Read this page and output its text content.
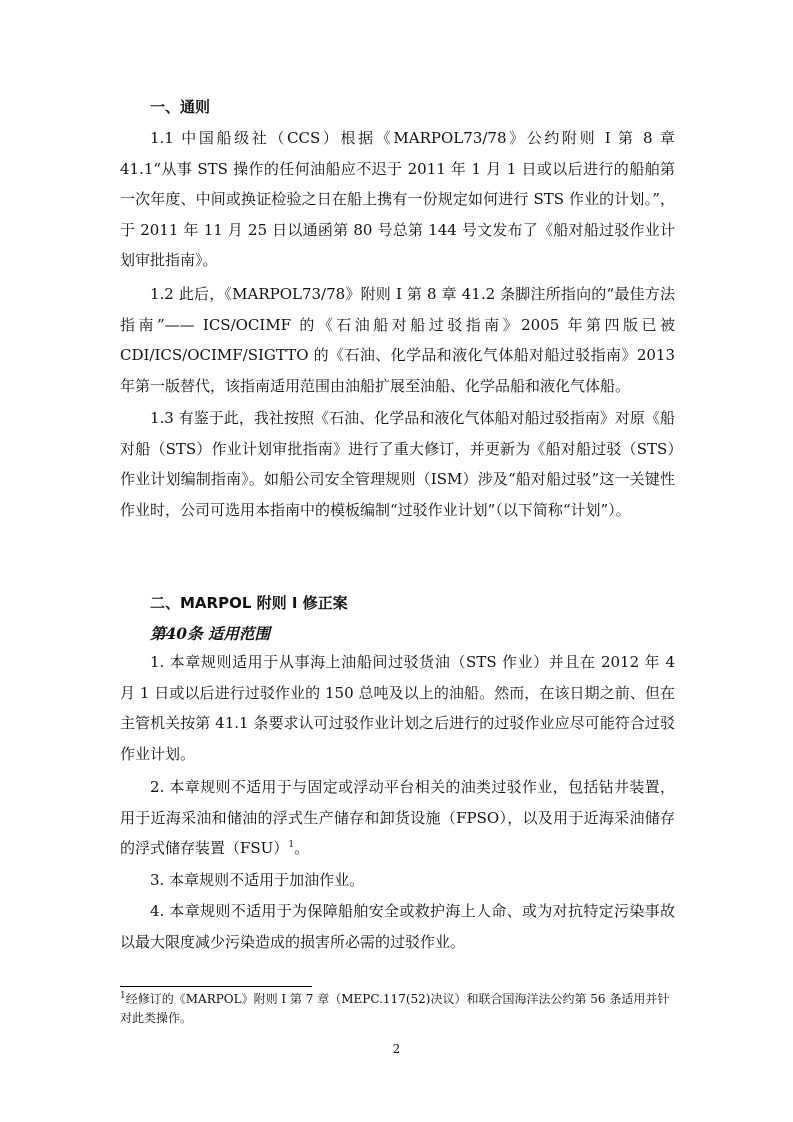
一、通则

1.1 中国船级社（CCS）根据《MARPOL73/78》公约附则 I 第 8 章 41.1“从事 STS 操作的任何油船应不迟于 2011 年 1 月 1 日或以后进行的船舶第一次年度、中间或换证检验之日在船上携有一份规定如何进行 STS 作业的计划。”，于 2011 年 11 月 25 日以通函第 80 号总第 144 号文发布了《船对船过驳作业计划审批指南》。

1.2 此后，《MARPOL73/78》附则 I 第 8 章 41.2 条脚注所指向的“最佳方法指南”—— ICS/OCIMF 的《石油船对船过驳指南》2005 年第四版已被 CDI/ICS/OCIMF/SIGTTO 的《石油、化学品和液化气体船对船过驳指南》2013 年第一版替代，该指南适用范围由油船扩展至油船、化学品船和液化气体船。

1.3 有鉴于此，我社按照《石油、化学品和液化气体船对船过驳指南》对原《船对船（STS）作业计划审批指南》进行了重大修订，并更新为《船对船过驳（STS）作业计划编制指南》。如船公司安全管理规则（ISM）涉及“船对船过驳”这一关键性作业时，公司可选用本指南中的模板编制“过驳作业计划”（以下简称“计划”）。

二、MARPOL 附则 I 修正案
第40条 适用范围

1. 本章规则适用于从事海上油船间过驳货油（STS 作业）并且在 2012 年 4 月 1 日或以后进行过驳作业的 150 总吨及以上的油船。然而，在该日期之前、但在主管机关按第 41.1 条要求认可过驳作业计划之后进行的过驳作业应尽可能符合过驳作业计划。

2. 本章规则不适用于与固定或浮动平台相关的油类过驳作业，包括钻井装置，用于近海采油和储油的浮式生产储存和卸货设施（FPSO），以及用于近海采油储存的浮式储存装置（FSU）$^1$。

3. 本章规则不适用于加油作业。

4. 本章规则不适用于为保障船舶安全或救护海上人命、或为对抗特定污染事故以最大限度减少污染造成的损害所必需的过驳作业。

$^1$经修订的《MARPOL》附则 I 第 7 章（MEPC.117(52)决议）和联合国海洋法公约第 56 条适用并针对此类操作。

2
